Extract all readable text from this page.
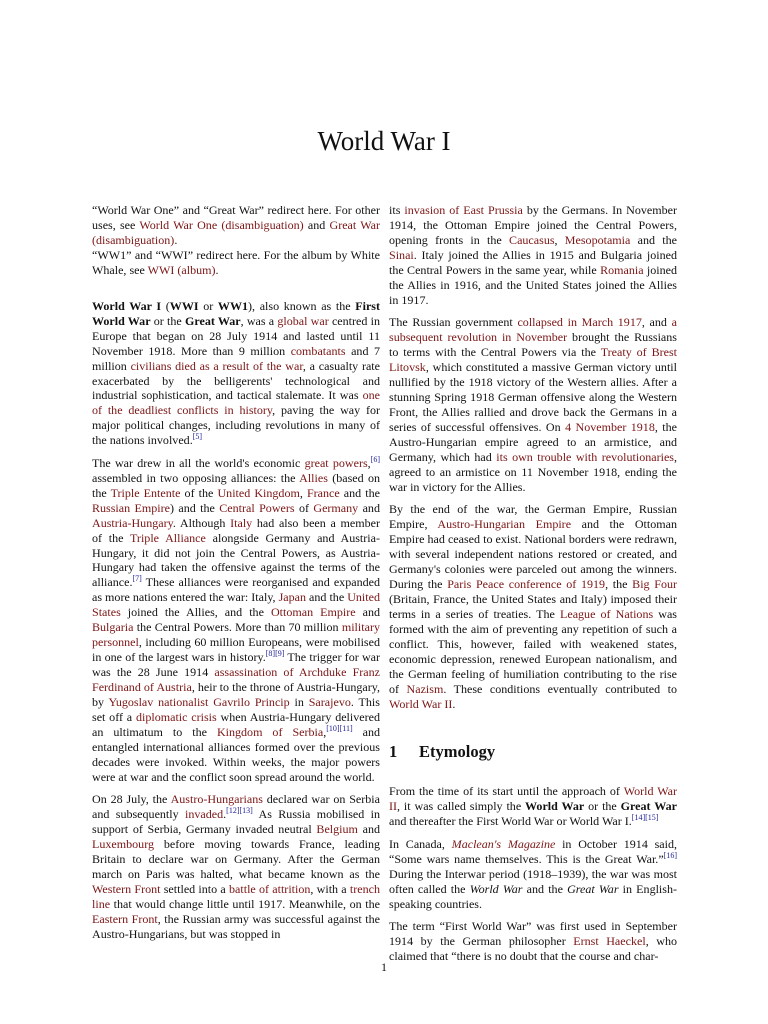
World War I

“World War One” and “Great War” redirect here. For other uses, see World War One (disambiguation) and Great War (disambiguation).
“WW1” and “WWI” redirect here. For the album by White Whale, see WWI (album).

World War I (WWI or WW1), also known as the First World War or the Great War, was a global war centred in Europe that began on 28 July 1914 and lasted until 11 November 1918. More than 9 million combatants and 7 million civilians died as a result of the war, a casualty rate exacerbated by the belligerents' technological and industrial sophistication, and tactical stalemate. It was one of the deadliest conflicts in history, paving the way for major political changes, including revolutions in many of the nations involved.[5]

The war drew in all the world's economic great powers,[6] assembled in two opposing alliances: the Allies (based on the Triple Entente of the United Kingdom, France and the Russian Empire) and the Central Powers of Germany and Austria-Hungary. Although Italy had also been a member of the Triple Alliance alongside Germany and Austria-Hungary, it did not join the Central Powers, as Austria-Hungary had taken the offensive against the terms of the alliance.[7] These alliances were reorganised and expanded as more nations entered the war: Italy, Japan and the United States joined the Allies, and the Ottoman Empire and Bulgaria the Central Powers. More than 70 million military personnel, including 60 million Europeans, were mobilised in one of the largest wars in history.[8][9] The trigger for war was the 28 June 1914 assassination of Archduke Franz Ferdinand of Austria, heir to the throne of Austria-Hungary, by Yugoslav nationalist Gavrilo Princip in Sarajevo. This set off a diplomatic crisis when Austria-Hungary delivered an ultimatum to the Kingdom of Serbia,[10][11] and entangled international alliances formed over the previous decades were invoked. Within weeks, the major powers were at war and the conflict soon spread around the world.

On 28 July, the Austro-Hungarians declared war on Serbia and subsequently invaded.[12][13] As Russia mobilised in support of Serbia, Germany invaded neutral Belgium and Luxembourg before moving towards France, leading Britain to declare war on Germany. After the German march on Paris was halted, what became known as the Western Front settled into a battle of attrition, with a trench line that would change little until 1917. Meanwhile, on the Eastern Front, the Russian army was successful against the Austro-Hungarians, but was stopped in

its invasion of East Prussia by the Germans. In November 1914, the Ottoman Empire joined the Central Powers, opening fronts in the Caucasus, Mesopotamia and the Sinai. Italy joined the Allies in 1915 and Bulgaria joined the Central Powers in the same year, while Romania joined the Allies in 1916, and the United States joined the Allies in 1917.

The Russian government collapsed in March 1917, and a subsequent revolution in November brought the Russians to terms with the Central Powers via the Treaty of Brest Litovsk, which constituted a massive German victory until nullified by the 1918 victory of the Western allies. After a stunning Spring 1918 German offensive along the Western Front, the Allies rallied and drove back the Germans in a series of successful offensives. On 4 November 1918, the Austro-Hungarian empire agreed to an armistice, and Germany, which had its own trouble with revolutionaries, agreed to an armistice on 11 November 1918, ending the war in victory for the Allies.

By the end of the war, the German Empire, Russian Empire, Austro-Hungarian Empire and the Ottoman Empire had ceased to exist. National borders were redrawn, with several independent nations restored or created, and Germany's colonies were parceled out among the winners. During the Paris Peace conference of 1919, the Big Four (Britain, France, the United States and Italy) imposed their terms in a series of treaties. The League of Nations was formed with the aim of preventing any repetition of such a conflict. This, however, failed with weakened states, economic depression, renewed European nationalism, and the German feeling of humiliation contributing to the rise of Nazism. These conditions eventually contributed to World War II.

1 Etymology

From the time of its start until the approach of World War II, it was called simply the World War or the Great War and thereafter the First World War or World War I.[14][15]

In Canada, Maclean's Magazine in October 1914 said, “Some wars name themselves. This is the Great War.”[16] During the Interwar period (1918–1939), the war was most often called the World War and the Great War in English-speaking countries.

The term “First World War” was first used in September 1914 by the German philosopher Ernst Haeckel, who claimed that “there is no doubt that the course and char-

1
